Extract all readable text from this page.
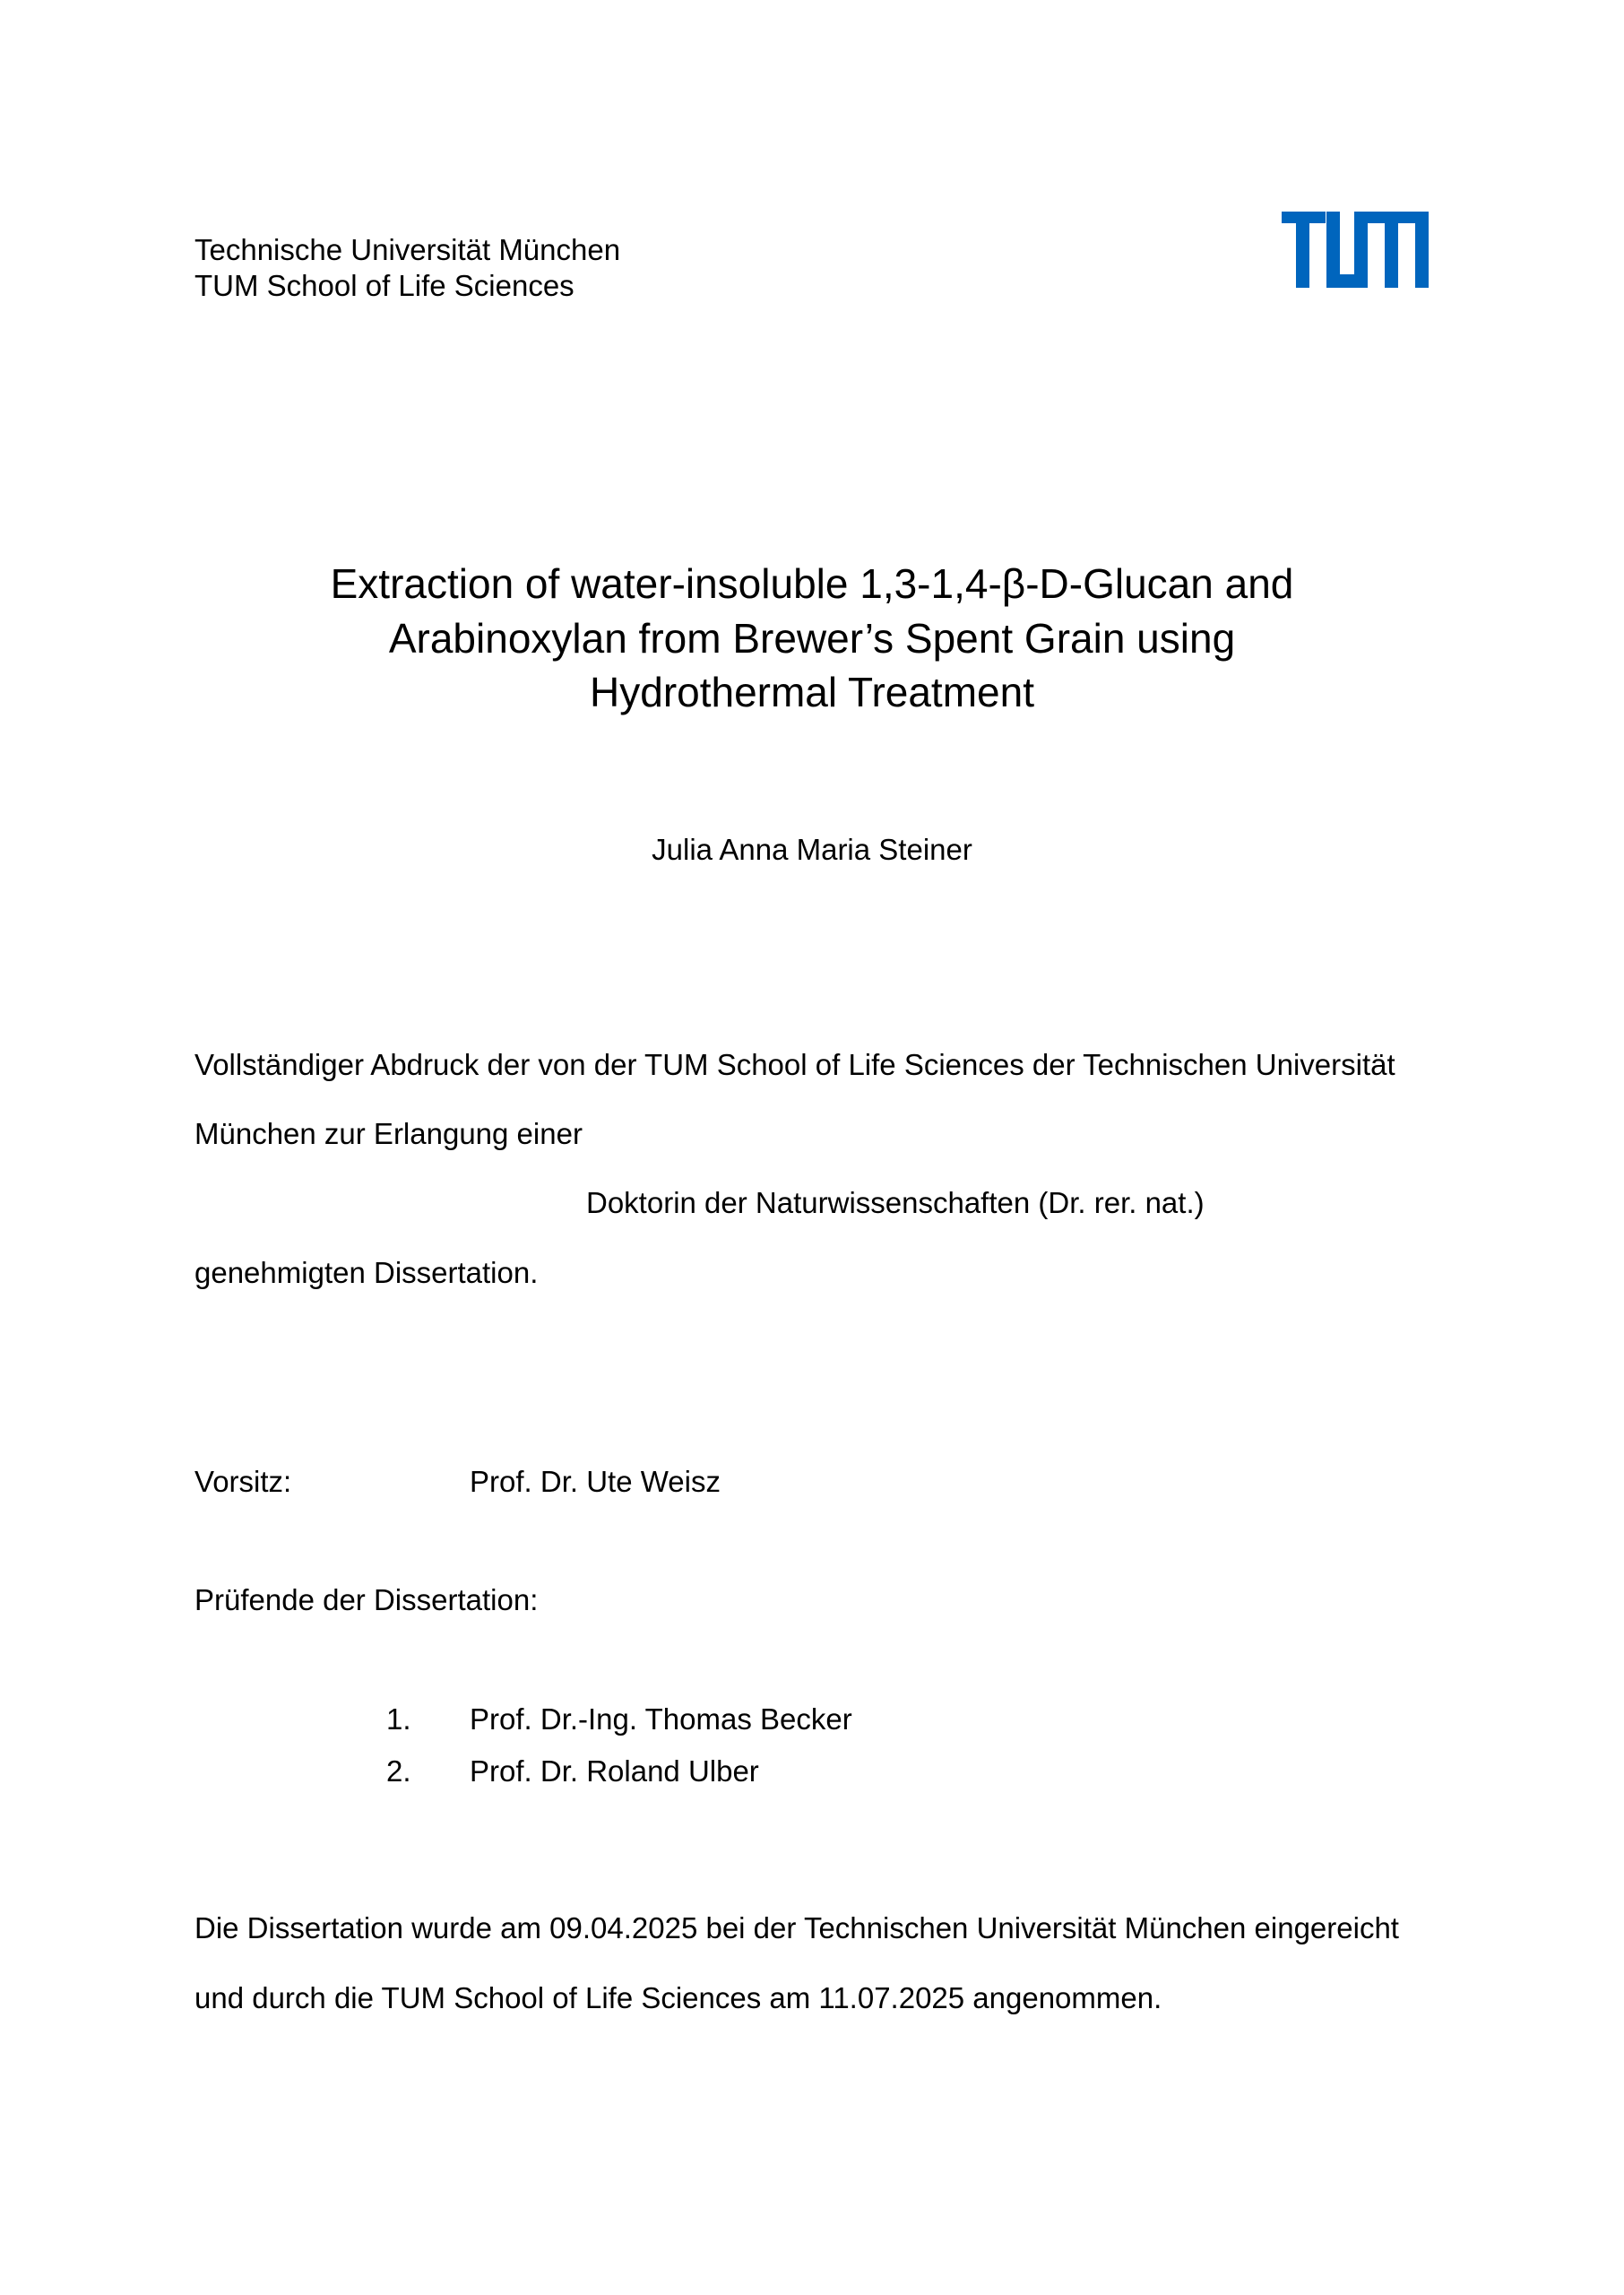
Technische Universität München
TUM School of Life Sciences
Extraction of water-insoluble 1,3-1,4-β-D-Glucan and
Arabinoxylan from Brewer’s Spent Grain using
Hydrothermal Treatment
Julia Anna Maria Steiner
Vollständiger Abdruck der von der TUM School of Life Sciences der Technischen Universität
München zur Erlangung einer
Doktorin der Naturwissenschaften (Dr. rer. nat.)
genehmigten Dissertation.
Vorsitz:	Prof. Dr. Ute Weisz
Prüfende der Dissertation:
1. Prof. Dr.-Ing. Thomas Becker
2. Prof. Dr. Roland Ulber
Die Dissertation wurde am 09.04.2025 bei der Technischen Universität München eingereicht
und durch die TUM School of Life Sciences am 11.07.2025 angenommen.
